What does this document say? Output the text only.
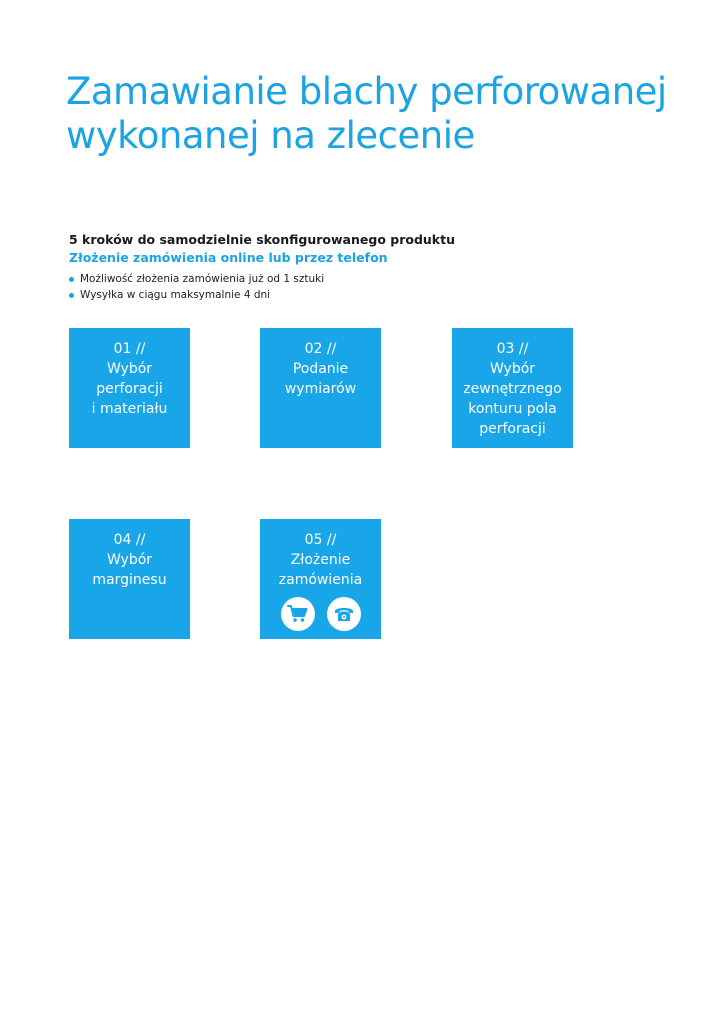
Zamawianie blachy perforowanej
wykonanej na zlecenie

5 kroków do samodzielnie skonfigurowanego produktu

Złożenie zamówienia online lub przez telefon

Możliwość złożenia zamówienia już od 1 sztuki
Wysyłka w ciągu maksymalnie 4 dni
01 //
Wybór
perforacji
i materiału
02 //
Podanie
wymiarów
03 //
Wybór
zewnętrznego
konturu pola
perforacji
04 //
Wybór
marginesu
05 //
Złożenie
zamówienia
